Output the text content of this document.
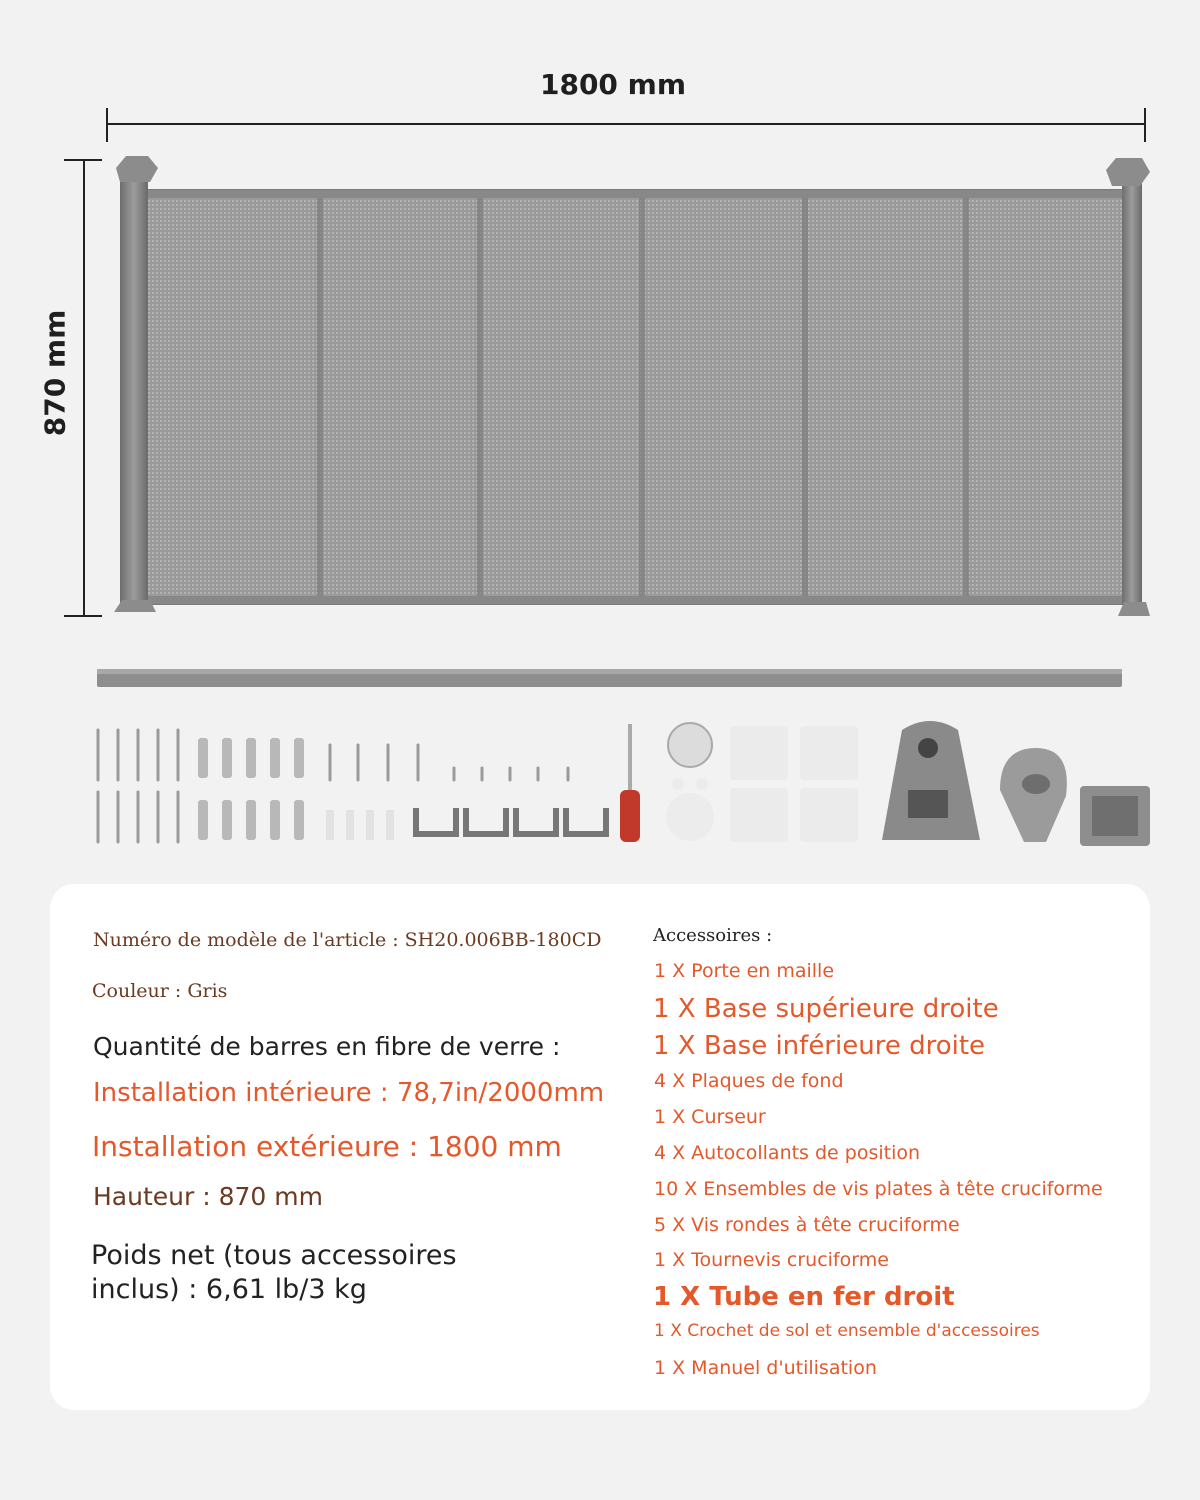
1800 mm
870 mm
Numéro de modèle de l'article : SH20.006BB-180CD
Couleur : Gris
Quantité de barres en fibre de verre :
Installation intérieure : 78,7in/2000mm
Installation extérieure : 1800 mm
Hauteur : 870 mm
Poids net (tous accessoires
inclus) : 6,61 lb/3 kg
Accessoires :
1 X Porte en maille
1 X Base supérieure droite
1 X Base inférieure droite
4 X Plaques de fond
1 X Curseur
4 X Autocollants de position
10 X Ensembles de vis plates à tête cruciforme
5 X Vis rondes à tête cruciforme
1 X Tournevis cruciforme
1 X Tube en fer droit
1 X Crochet de sol et ensemble d'accessoires
1 X Manuel d'utilisation
